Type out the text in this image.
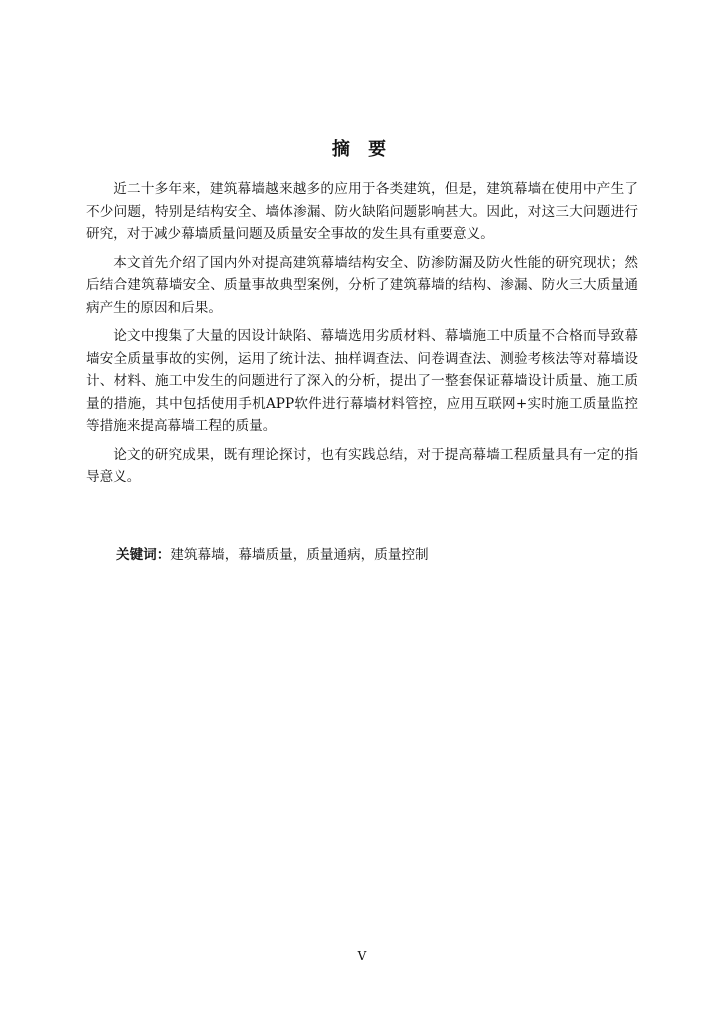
摘 要

近二十多年来，建筑幕墙越来越多的应用于各类建筑，但是，建筑幕墙在使用中产生了不少问题，特别是结构安全、墙体渗漏、防火缺陷问题影响甚大。因此，对这三大问题进行研究，对于减少幕墙质量问题及质量安全事故的发生具有重要意义。

本文首先介绍了国内外对提高建筑幕墙结构安全、防渗防漏及防火性能的研究现状；然后结合建筑幕墙安全、质量事故典型案例，分析了建筑幕墙的结构、渗漏、防火三大质量通病产生的原因和后果。

论文中搜集了大量的因设计缺陷、幕墙选用劣质材料、幕墙施工中质量不合格而导致幕墙安全质量事故的实例，运用了统计法、抽样调查法、问卷调查法、测验考核法等对幕墙设计、材料、施工中发生的问题进行了深入的分析，提出了一整套保证幕墙设计质量、施工质量的措施，其中包括使用手机APP软件进行幕墙材料管控，应用互联网+实时施工质量监控等措施来提高幕墙工程的质量。

论文的研究成果，既有理论探讨，也有实践总结，对于提高幕墙工程质量具有一定的指导意义。

关键词：建筑幕墙，幕墙质量，质量通病，质量控制
V
